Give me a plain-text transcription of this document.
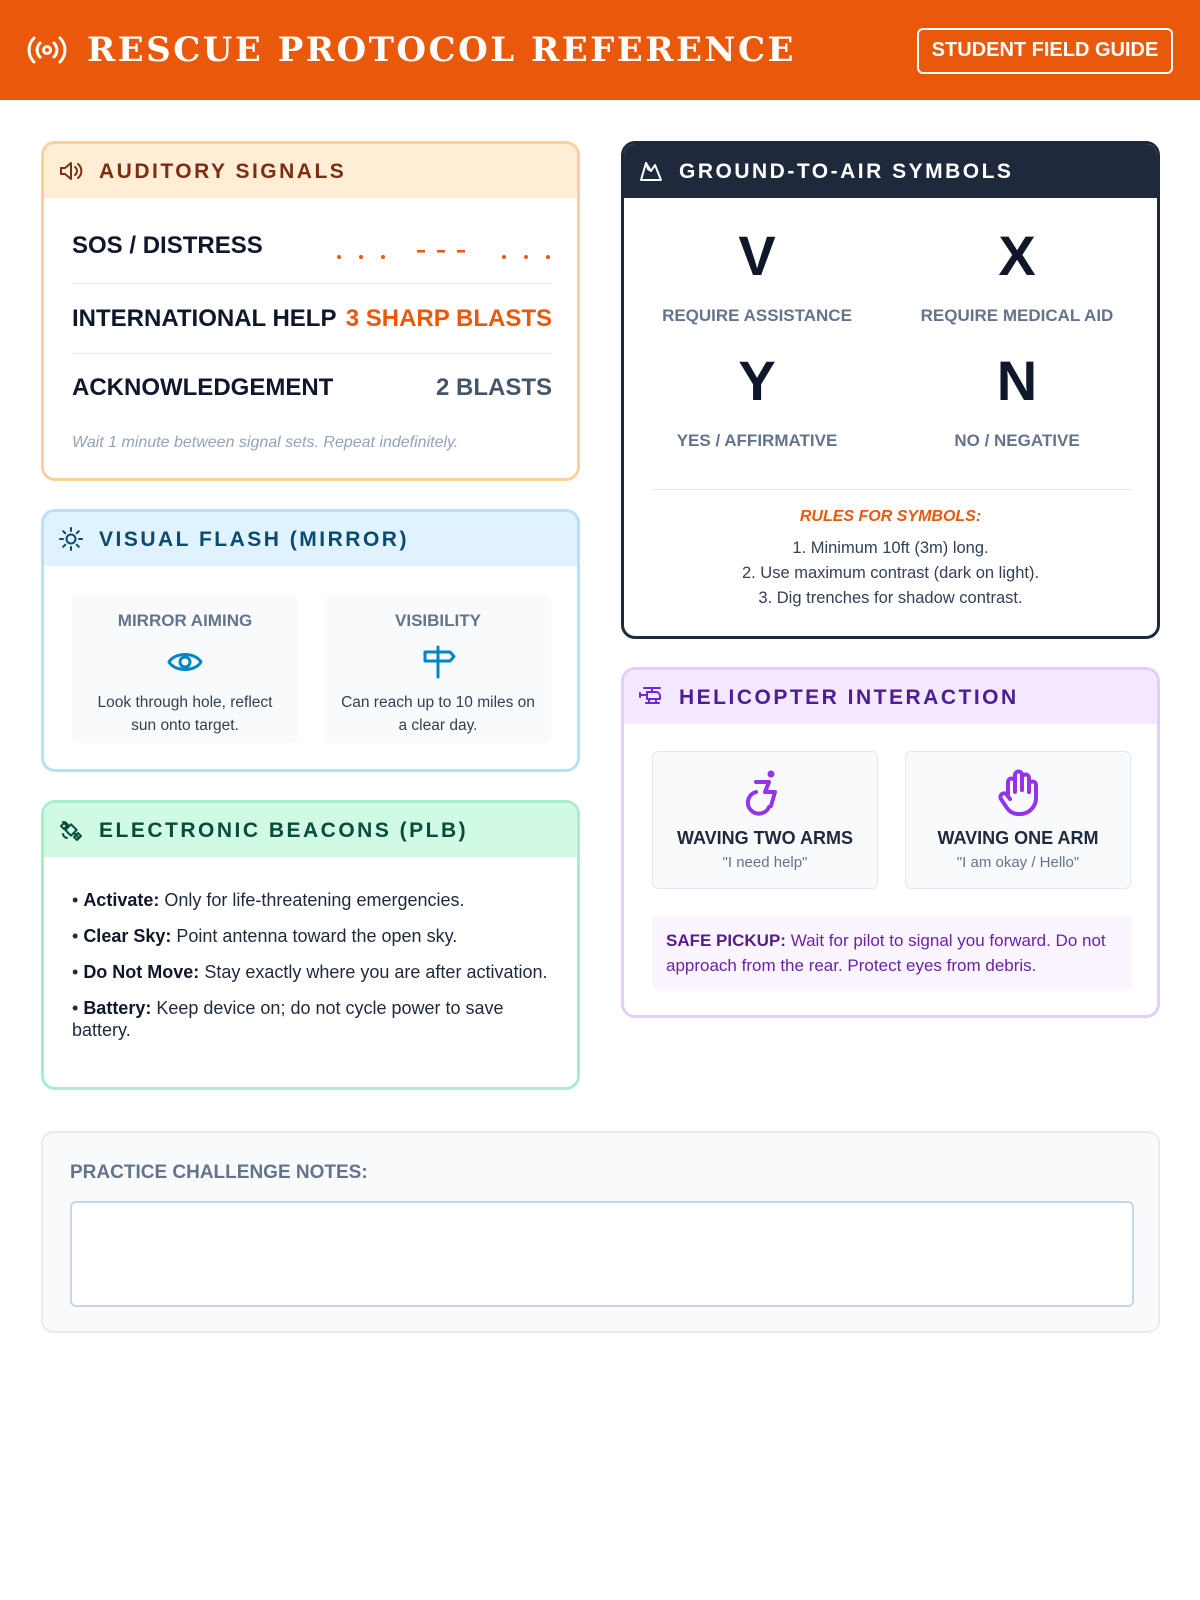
RESCUE PROTOCOL REFERENCE	STUDENT FIELD GUIDE
AUDITORY SIGNALS
SOS / DISTRESS
INTERNATIONAL HELP 3 SHARP BLASTS
ACKNOWLEDGEMENT	2 BLASTS
Wait 1 minute between signal sets. Repeat indefinitely.
VISUAL FLASH (MIRROR)
MIRROR AIMING
Look through hole, reflect sun onto target.
VISIBILITY
Can reach up to 10 miles on a clear day.
ELECTRONIC BEACONS (PLB)
• Activate: Only for life-threatening emergencies.
• Clear Sky: Point antenna toward the open sky.
• Do Not Move: Stay exactly where you are after activation.
• Battery: Keep device on; do not cycle power to save battery.
GROUND-TO-AIR SYMBOLS
V
REQUIRE ASSISTANCE
X
REQUIRE MEDICAL AID
Y
YES / AFFIRMATIVE
N
NO / NEGATIVE
RULES FOR SYMBOLS:
1. Minimum 10ft (3m) long.
2. Use maximum contrast (dark on light).
3. Dig trenches for shadow contrast.
HELICOPTER INTERACTION
WAVING TWO ARMS
"I need help"
WAVING ONE ARM
"I am okay / Hello"
SAFE PICKUP: Wait for pilot to signal you forward. Do not approach from the rear. Protect eyes from debris.
PRACTICE CHALLENGE NOTES:
